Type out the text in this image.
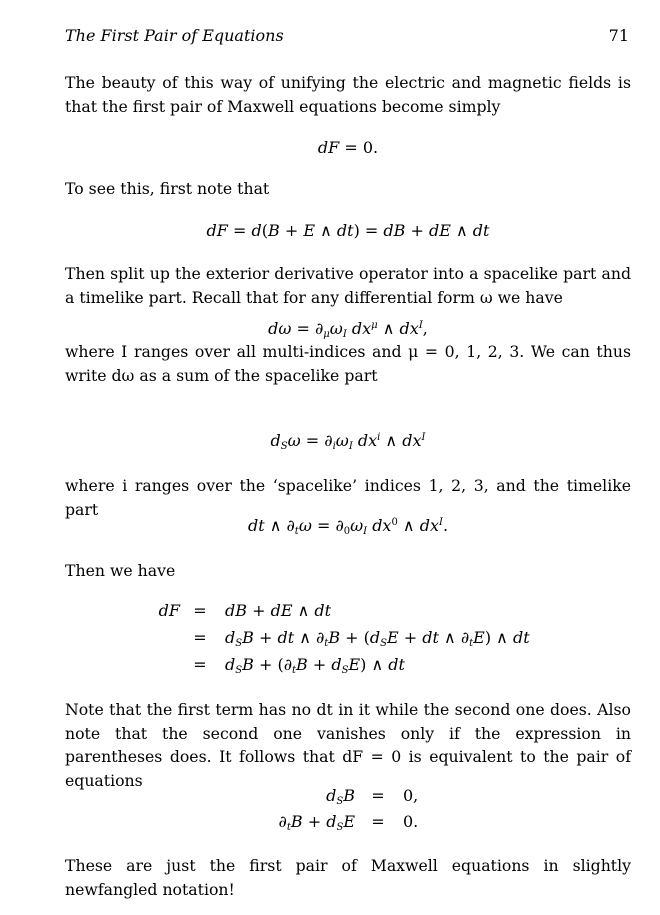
The First Pair of Equations	71

The beauty of this way of unifying the electric and magnetic fields is that the first pair of Maxwell equations become simply

dF = 0.

To see this, first note that

dF = d(B + E ∧ dt) = dB + dE ∧ dt

Then split up the exterior derivative operator into a spacelike part and a timelike part. Recall that for any differential form ω we have

$d\omega = \partial_\mu\omega_I$ $dx^\mu$ ∧ $dx^I$,

where I ranges over all multi-indices and μ = 0, 1, 2, 3. We can thus write dω as a sum of the spacelike part

$d_S\omega = \partial_i\omega_I$ $dx^i$ ∧ $dx^I$

where i ranges over the ‘spacelike’ indices 1, 2, 3, and the timelike part

dt ∧ $\partial_t\omega = \partial_0\omega_I$ $dx^0$ ∧ $dx^I$.

Then we have

dF = dB + dE ∧ dt
= $d_SB$ + dt ∧ $\partial_tB + (d_SE$ + dt ∧ $\partial_tE$) ∧ dt
= $d_SB + (\partial_tB + d_SE)$ ∧ dt

Note that the first term has no dt in it while the second one does. Also note that the second one vanishes only if the expression in parentheses does. It follows that dF = 0 is equivalent to the pair of equations

$d_SB = 0$,
$\partial_tB + d_SE = 0$.

These are just the first pair of Maxwell equations in slightly newfangled notation!
